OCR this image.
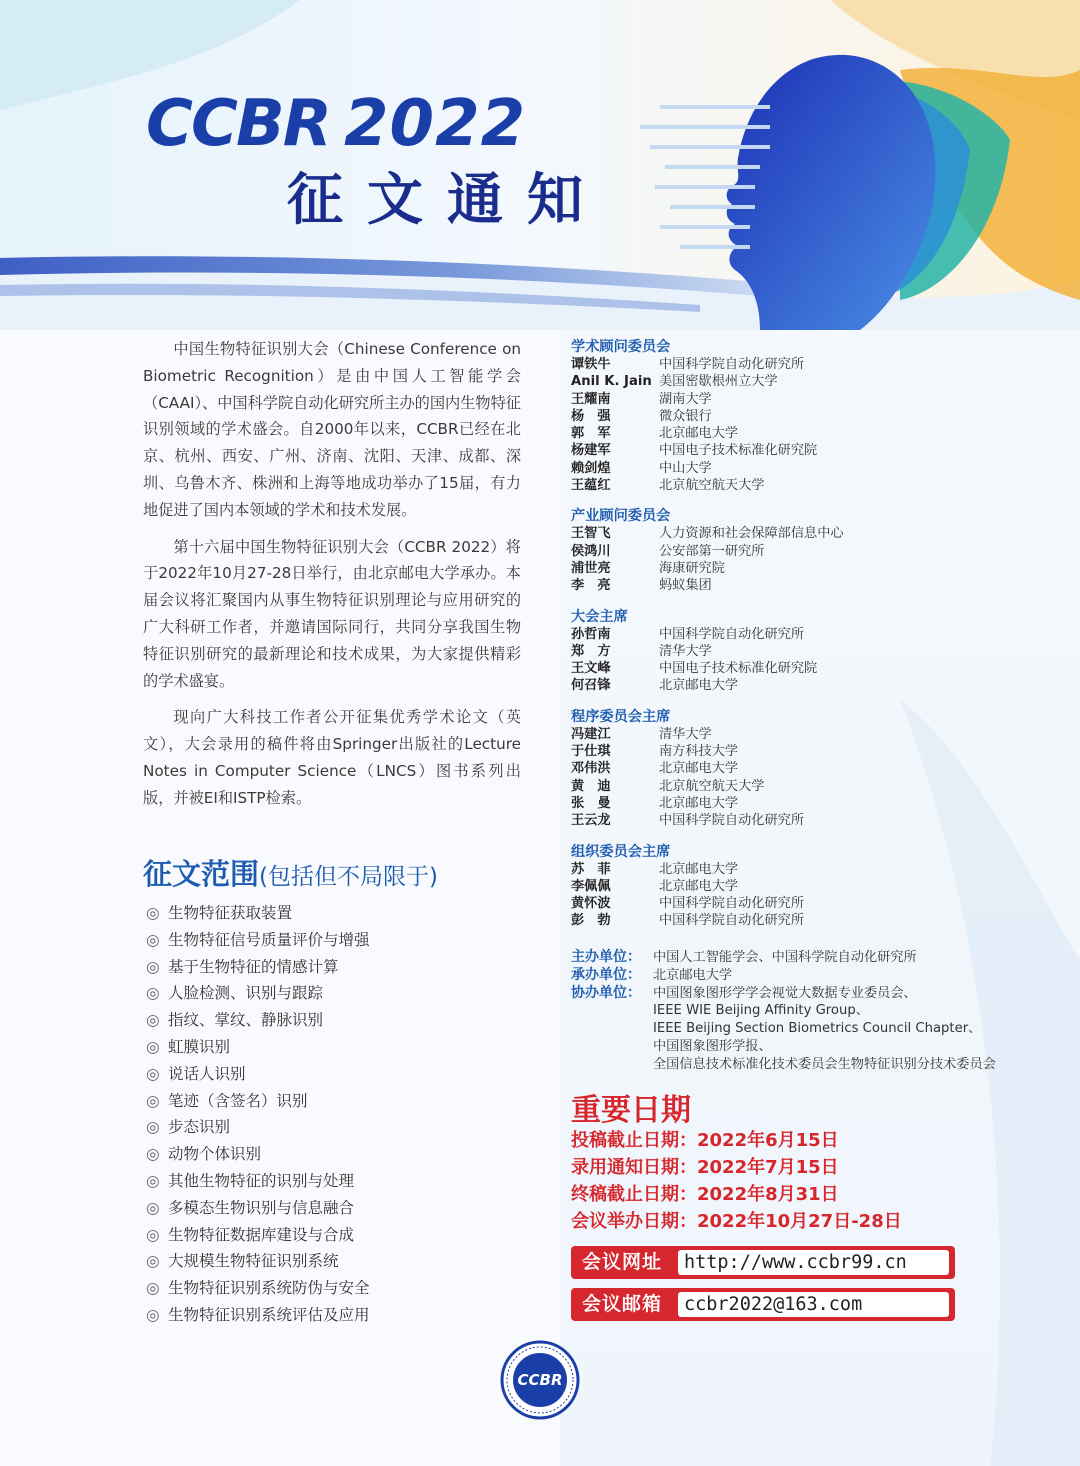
CCBR 2022
征文通知

中国生物特征识别大会（Chinese Conference on Biometric Recognition）是由中国人工智能学会（CAAI）、中国科学院自动化研究所主办的国内生物特征识别领域的学术盛会。自2000年以来，CCBR已经在北京、杭州、西安、广州、济南、沈阳、天津、成都、深圳、乌鲁木齐、株洲和上海等地成功举办了15届，有力地促进了国内本领域的学术和技术发展。

第十六届中国生物特征识别大会（CCBR 2022）将于2022年10月27-28日举行，由北京邮电大学承办。本届会议将汇聚国内从事生物特征识别理论与应用研究的广大科研工作者，并邀请国际同行，共同分享我国生物特征识别研究的最新理论和技术成果，为大家提供精彩的学术盛宴。

现向广大科技工作者公开征集优秀学术论文（英文），大会录用的稿件将由Springer出版社的Lecture Notes in Computer Science（LNCS）图书系列出版，并被EI和ISTP检索。

征文范围(包括但不局限于)
◎ 生物特征获取装置
◎ 生物特征信号质量评价与增强
◎ 基于生物特征的情感计算
◎ 人脸检测、识别与跟踪
◎ 指纹、掌纹、静脉识别
◎ 虹膜识别
◎ 说话人识别
◎ 笔迹（含签名）识别
◎ 步态识别
◎ 动物个体识别
◎ 其他生物特征的识别与处理
◎ 多模态生物识别与信息融合
◎ 生物特征数据库建设与合成
◎ 大规模生物特征识别系统
◎ 生物特征识别系统防伪与安全
◎ 生物特征识别系统评估及应用
学术顾问委员会
谭铁牛	中国科学院自动化研究所
Anil K. Jain 美国密歇根州立大学
王耀南	湖南大学
杨　强	微众银行
郭　军	北京邮电大学
杨建军	中国电子技术标准化研究院
赖剑煌	中山大学
王蕴红	北京航空航天大学
产业顾问委员会
王智飞	人力资源和社会保障部信息中心
侯鸿川	公安部第一研究所
浦世亮	海康研究院
李　亮	蚂蚁集团
大会主席
孙哲南	中国科学院自动化研究所
郑　方	清华大学
王文峰	中国电子技术标准化研究院
何召锋	北京邮电大学
程序委员会主席
冯建江	清华大学
于仕琪	南方科技大学
邓伟洪	北京邮电大学
黄　迪	北京航空航天大学
张　曼	北京邮电大学
王云龙	中国科学院自动化研究所
组织委员会主席
苏　菲	北京邮电大学
李佩佩	北京邮电大学
黄怀波	中国科学院自动化研究所
彭　勃	中国科学院自动化研究所
主办单位： 中国人工智能学会、中国科学院自动化研究所
承办单位： 北京邮电大学
协办单位： 中国图象图形学学会视觉大数据专业委员会、
IEEE WIE Beijing Affinity Group、
IEEE Beijing Section Biometrics Council Chapter、
中国图象图形学报、
全国信息技术标准化技术委员会生物特征识别分技术委员会
重要日期
投稿截止日期：2022年6月15日
录用通知日期：2022年7月15日
终稿截止日期：2022年8月31日
会议举办日期：2022年10月27日-28日
会议网址	http://www.ccbr99.cn
会议邮箱	ccbr2022@163.com
CCBR
